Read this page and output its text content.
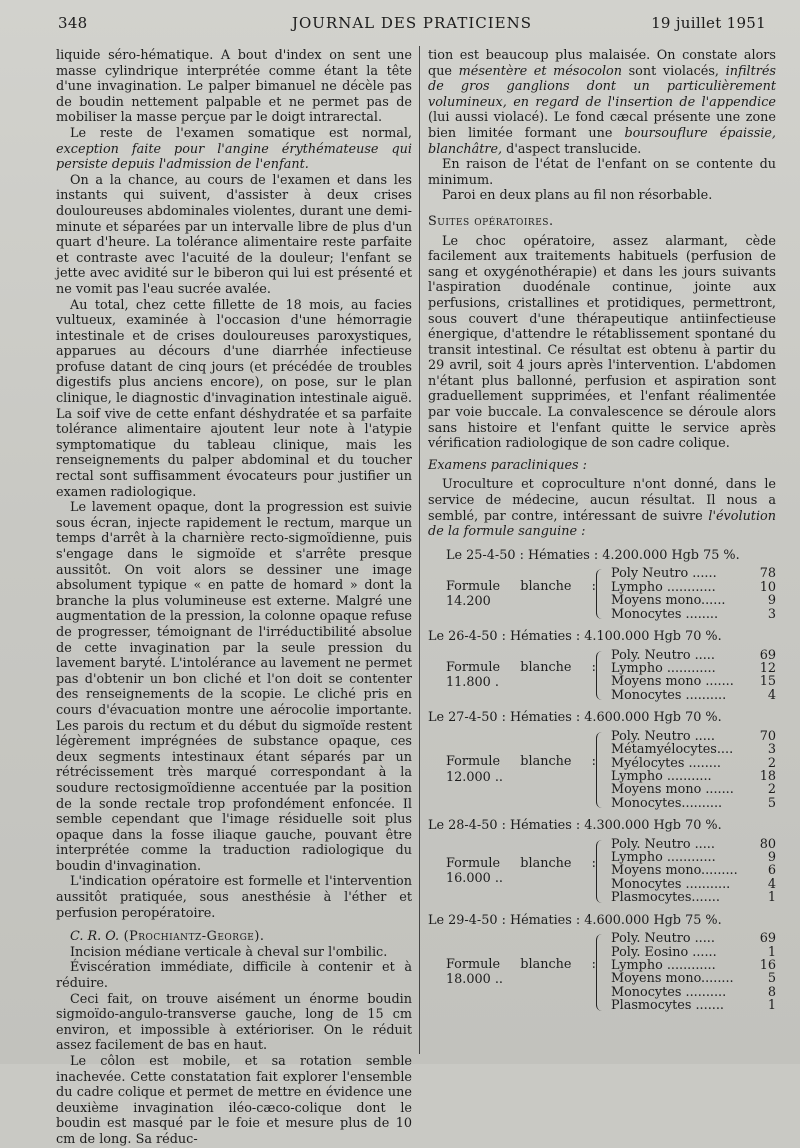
348	JOURNAL DES PRATICIENS	19 juillet 1951

liquide séro-hématique. A bout d'index on sent une masse cylindrique interprétée comme étant la tête d'une invagination. Le palper bimanuel ne décèle pas de boudin nettement palpable et ne permet pas de mobiliser la masse perçue par le doigt intrarectal.

Le reste de l'examen somatique est normal, exception faite pour l'angine érythémateuse qui persiste depuis l'admission de l'enfant.

On a la chance, au cours de l'examen et dans les instants qui suivent, d'assister à deux crises douloureuses abdominales violentes, durant une demi-minute et séparées par un intervalle libre de plus d'un quart d'heure. La tolérance alimentaire reste parfaite et contraste avec l'acuité de la douleur; l'enfant se jette avec avidité sur le biberon qui lui est présenté et ne vomit pas l'eau sucrée avalée.

Au total, chez cette fillette de 18 mois, au facies vultueux, examinée à l'occasion d'une hémorragie intestinale et de crises douloureuses paroxystiques, apparues au décours d'une diarrhée infectieuse profuse datant de cinq jours (et précédée de troubles digestifs plus anciens encore), on pose, sur le plan clinique, le diagnostic d'invagination intestinale aiguë. La soif vive de cette enfant déshydratée et sa parfaite tolérance alimentaire ajoutent leur note à l'atypie symptomatique du tableau clinique, mais les renseignements du palper abdominal et du toucher rectal sont suffisamment évocateurs pour justifier un examen radiologique.

Le lavement opaque, dont la progression est suivie sous écran, injecte rapidement le rectum, marque un temps d'arrêt à la charnière recto-sigmoïdienne, puis s'engage dans le sigmoïde et s'arrête presque aussitôt. On voit alors se dessiner une image absolument typique « en patte de homard » dont la branche la plus volumineuse est externe. Malgré une augmentation de la pression, la colonne opaque refuse de progresser, témoignant de l'irréductibilité absolue de cette invagination par la seule pression du lavement baryté. L'intolérance au lavement ne permet pas d'obtenir un bon cliché et l'on doit se contenter des renseignements de la scopie. Le cliché pris en cours d'évacuation montre une aérocolie importante. Les parois du rectum et du début du sigmoïde restent légèrement imprégnées de substance opaque, ces deux segments intestinaux étant séparés par un rétrécissement très marqué correspondant à la soudure rectosigmoïdienne accentuée par la position de la sonde rectale trop profondément enfoncée. Il semble cependant que l'image résiduelle soit plus opaque dans la fosse iliaque gauche, pouvant être interprétée comme la traduction radiologique du boudin d'invagination.

L'indication opératoire est formelle et l'intervention aussitôt pratiquée, sous anesthésie à l'éther et perfusion peropératoire.

C. R. O. (Prochiantz-George).

Incision médiane verticale à cheval sur l'ombilic.

Éviscération immédiate, difficile à contenir et à réduire.

Ceci fait, on trouve aisément un énorme boudin sigmoïdo-angulo-transverse gauche, long de 15 cm environ, et impossible à extérioriser. On le réduit assez facilement de bas en haut.

Le côlon est mobile, et sa rotation semble inachevée. Cette constatation fait explorer l'ensemble du cadre colique et permet de mettre en évidence une deuxième invagination iléo-cæco-colique dont le boudin est masqué par le foie et mesure plus de 10 cm de long. Sa réduc-

tion est beaucoup plus malaisée. On constate alors que mésentère et mésocolon sont violacés, infiltrés de gros ganglions dont un particulièrement volumineux, en regard de l'insertion de l'appendice (lui aussi violacé). Le fond cæcal présente une zone bien limitée formant une boursouflure épaissie, blanchâtre, d'aspect translucide.

En raison de l'état de l'enfant on se contente du minimum.

Paroi en deux plans au fil non résorbable.

Suites opératoires.

Le choc opératoire, assez alarmant, cède facilement aux traitements habituels (perfusion de sang et oxygénothérapie) et dans les jours suivants l'aspiration duodénale continue, jointe aux perfusions, cristallines et protidiques, permettront, sous couvert d'une thérapeutique antiinfectieuse énergique, d'attendre le rétablissement spontané du transit intestinal. Ce résultat est obtenu à partir du 29 avril, soit 4 jours après l'intervention. L'abdomen n'étant plus ballonné, perfusion et aspiration sont graduellement supprimées, et l'enfant réalimentée par voie buccale. La convalescence se déroule alors sans histoire et l'enfant quitte le service après vérification radiologique de son cadre colique.

Examens paracliniques :

Uroculture et coproculture n'ont donné, dans le service de médecine, aucun résultat. Il nous a semblé, par contre, intéressant de suivre l'évolution de la formule sanguine :

Le 25-4-50 : Hématies : 4.200.000 Hgb 75 %.
Formule blanche : 14.200
Poly Neutro ......	78
Lympho ............	10
Moyens mono......	9
Monocytes ........	3
Le 26-4-50 : Hématies : 4.100.000 Hgb 70 %.
Formule blanche : 11.800 .
Poly. Neutro .....	69
Lympho ............	12
Moyens mono .......	15
Monocytes ..........	4
Le 27-4-50 : Hématies : 4.600.000 Hgb 70 %.
Formule blanche : 12.000 ..
Poly. Neutro .....	70
Métamyélocytes....	3
Myélocytes ........	2
Lympho ...........	18
Moyens mono .......	2
Monocytes..........	5
Le 28-4-50 : Hématies : 4.300.000 Hgb 70 %.
Formule blanche : 16.000 ..
Poly. Neutro .....	80
Lympho ............	9
Moyens mono.........	6
Monocytes ...........	4
Plasmocytes.......	1
Le 29-4-50 : Hématies : 4.600.000 Hgb 75 %.
Formule blanche : 18.000 ..
Poly. Neutro .....	69
Poly. Eosino ......	1
Lympho ............	16
Moyens mono........	5
Monocytes ..........	8
Plasmocytes .......	1
